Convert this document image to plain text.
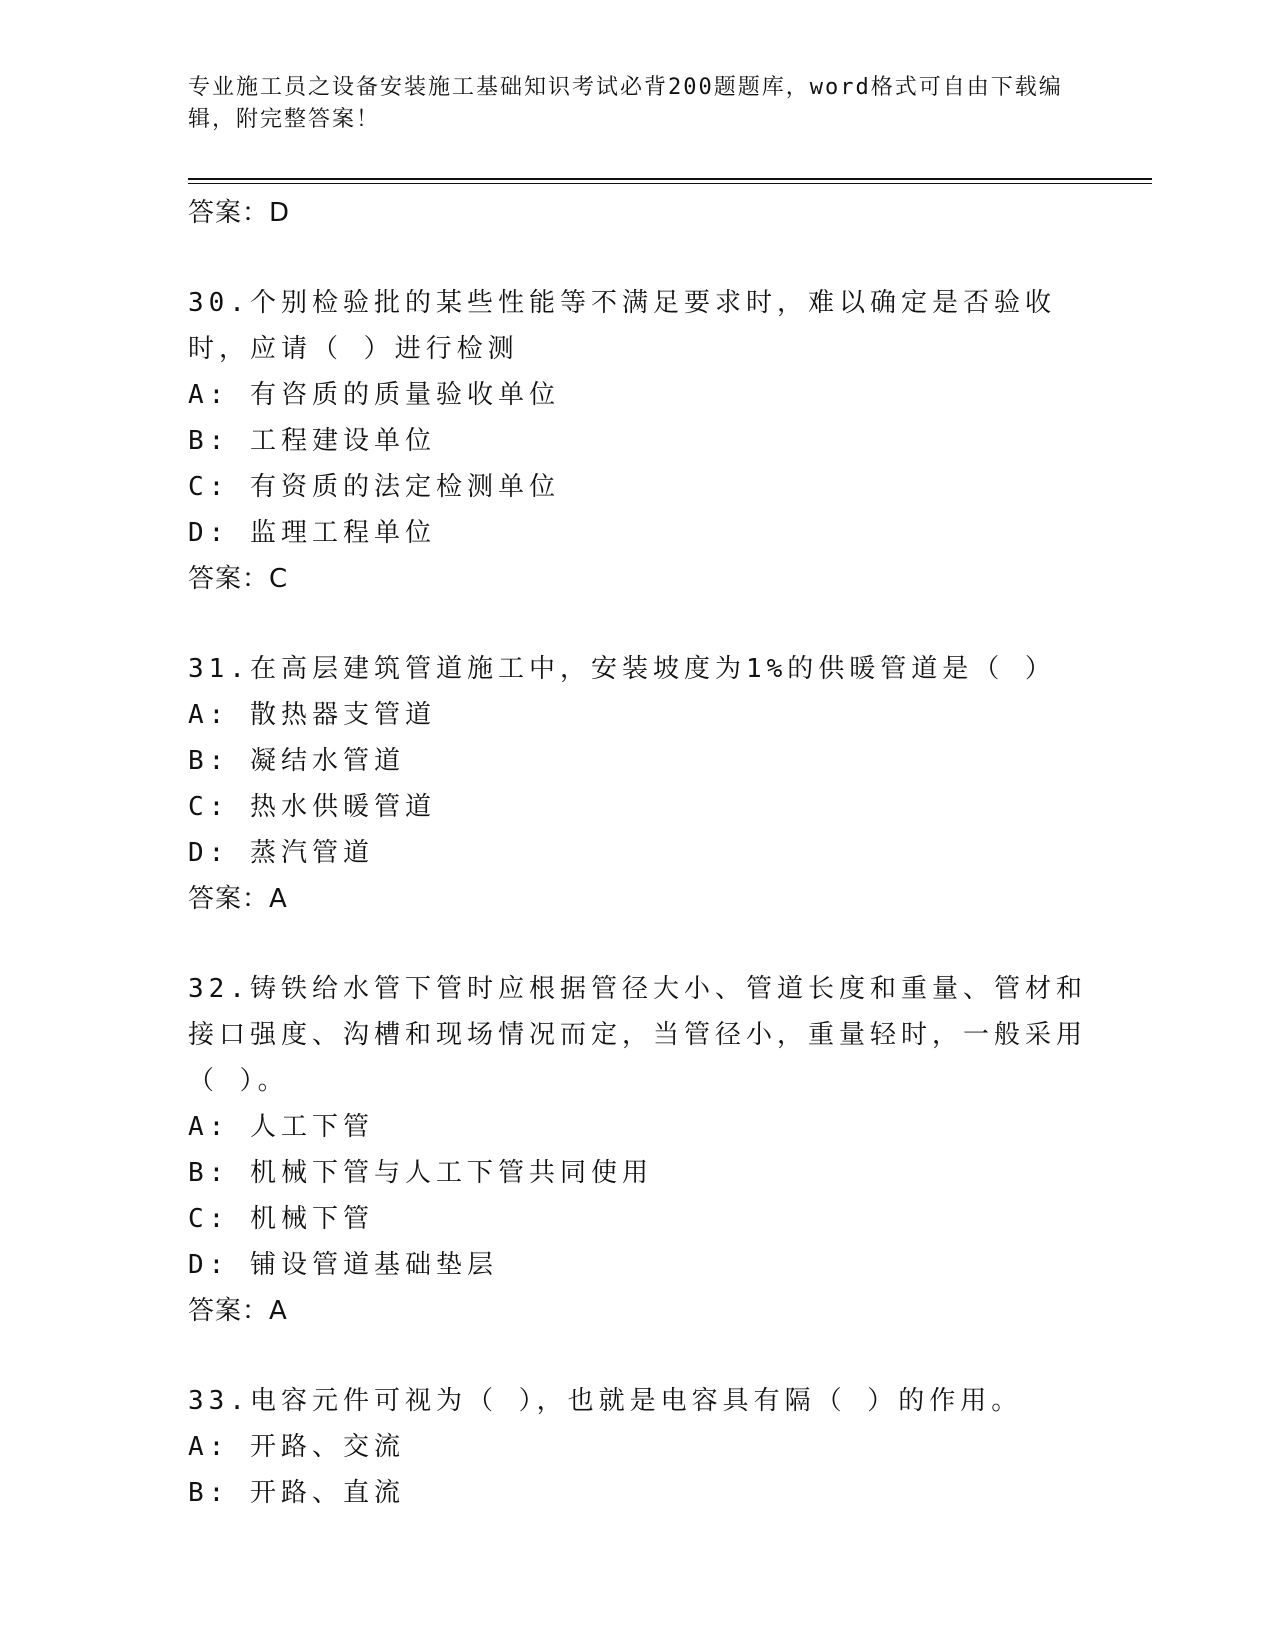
专业施工员之设备安装施工基础知识考试必背200题题库，word格式可自由下载编辑，附完整答案！
答案：D
30.个别检验批的某些性能等不满足要求时，难以确定是否验收时，应请（ ）进行检测
A: 有咨质的质量验收单位
B: 工程建设单位
C: 有资质的法定检测单位
D: 监理工程单位
答案：C
31.在高层建筑管道施工中，安装坡度为1%的供暖管道是（ ）
A: 散热器支管道
B: 凝结水管道
C: 热水供暖管道
D: 蒸汽管道
答案：A
32.铸铁给水管下管时应根据管径大小、管道长度和重量、管材和接口强度、沟槽和现场情况而定，当管径小，重量轻时，一般采用（ ）。
A: 人工下管
B: 机械下管与人工下管共同使用
C: 机械下管
D: 铺设管道基础垫层
答案：A
33.电容元件可视为（ ），也就是电容具有隔（ ）的作用。
A: 开路、交流
B: 开路、直流
